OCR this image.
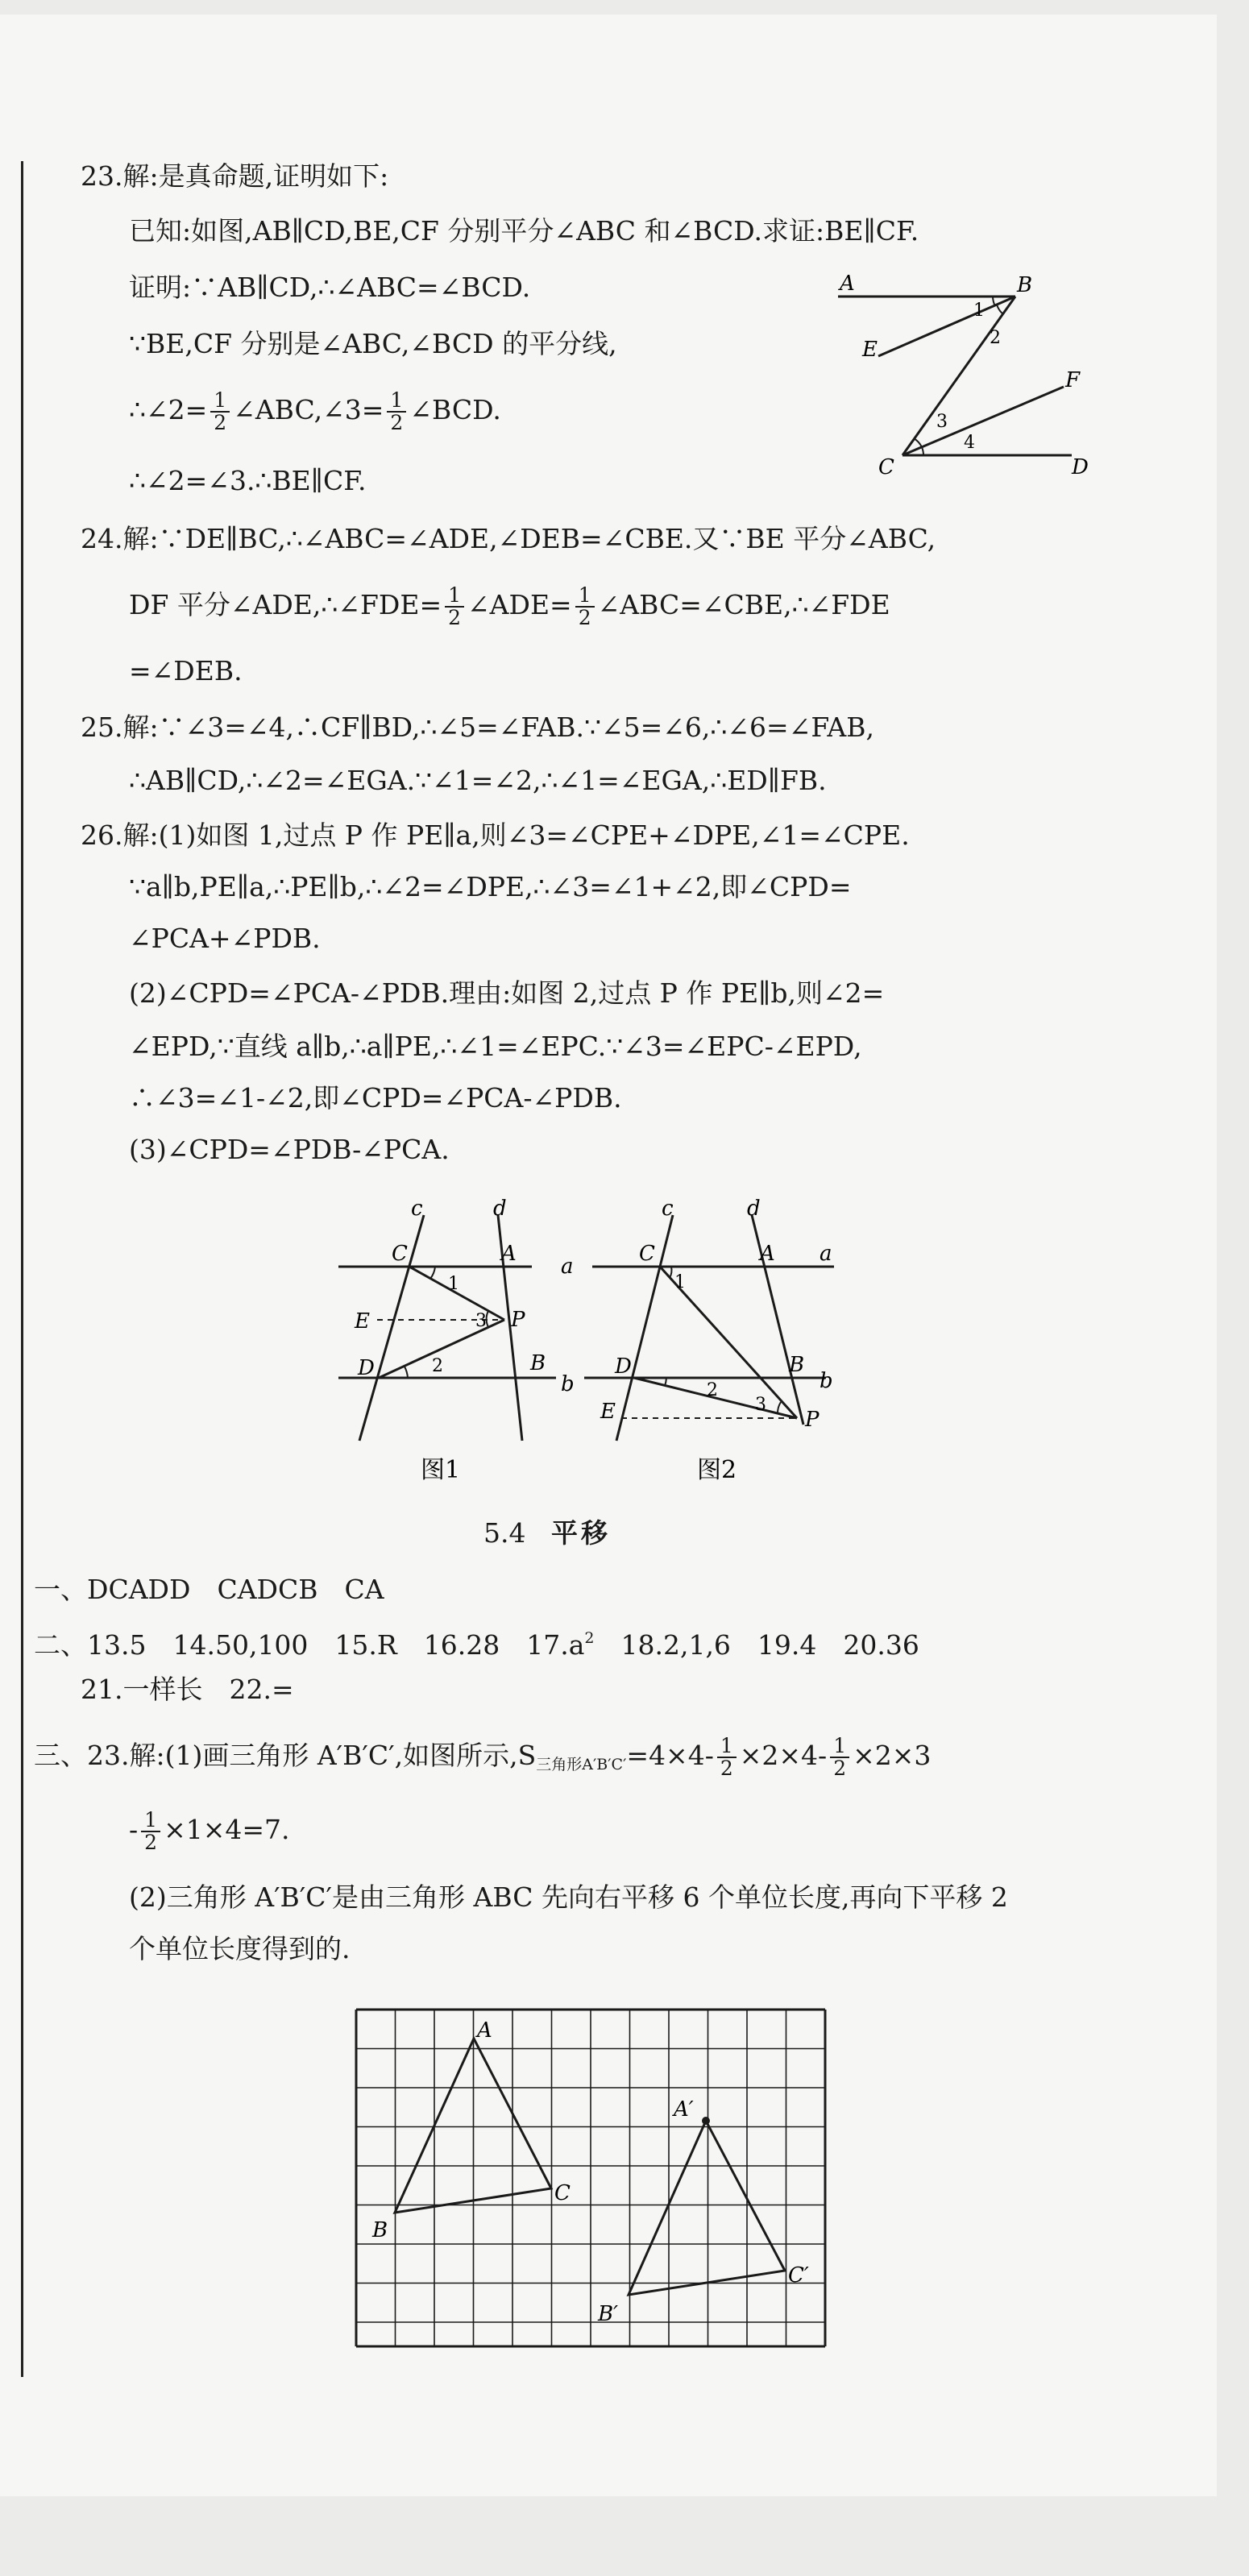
23.解:是真命题,证明如下:
已知:如图,AB∥CD,BE,CF 分别平分∠ABC 和∠BCD.求证:BE∥CF.
证明:∵AB∥CD,∴∠ABC=∠BCD.
∵BE,CF 分别是∠ABC,∠BCD 的平分线,
∴∠2= $\frac{1}{2}$ ∠ABC,∠3= $\frac{1}{2}$ ∠BCD.
∴∠2=∠3.∴BE∥CF.
A	B
C	D
E
F
1
2
3
4
24.解:∵DE∥BC,∴∠ABC=∠ADE,∠DEB=∠CBE.又∵BE 平分∠ABC,
DF 平分∠ADE,∴∠FDE= $\frac{1}{2}$ ∠ADE= $\frac{1}{2}$ ∠ABC=∠CBE,∴∠FDE
=∠DEB.
25.解:∵∠3=∠4,∴CF∥BD,∴∠5=∠FAB.∵∠5=∠6,∴∠6=∠FAB,
∴AB∥CD,∴∠2=∠EGA.∵∠1=∠2,∴∠1=∠EGA,∴ED∥FB.
26.解:(1)如图 1,过点 P 作 PE∥a,则∠3=∠CPE+∠DPE,∠1=∠CPE.
∵a∥b,PE∥a,∴PE∥b,∴∠2=∠DPE,∴∠3=∠1+∠2,即∠CPD=
∠PCA+∠PDB.
(2)∠CPD=∠PCA-∠PDB.理由:如图 2,过点 P 作 PE∥b,则∠2=
∠EPD,∵直线 a∥b,∴a∥PE,∴∠1=∠EPC.∵∠3=∠EPC-∠EPD,
∴∠3=∠1-∠2,即∠CPD=∠PCA-∠PDB.
(3)∠CPD=∠PDB-∠PCA.
c	d
a
b
C	A
E
D
P
B
1
2
3
图1
c	d
a
b
C	A
D	B
E	P
1
2
3
图2
5.4 平移
一、DCADD　CADCB　CA
二、13.5　14.50,100　15.R　16.28　$17.a^2$　18.2,1,6　19.4　20.36
21.一样长　22.=
三、23.解:(1)画三角形 A′B′C′,如图所示$,S_{三角形A'B'C'}=4\times 4- \frac{1}{2} \times 2\times 4- \frac{1}{2} \times 2\times 3$
- $\frac{1}{2} \times 1\times 4=7$.
(2)三角形 A′B′C′是由三角形 ABC 先向右平移 6 个单位长度,再向下平移 2
个单位长度得到的.
A
B
C
A′
B′
C′
